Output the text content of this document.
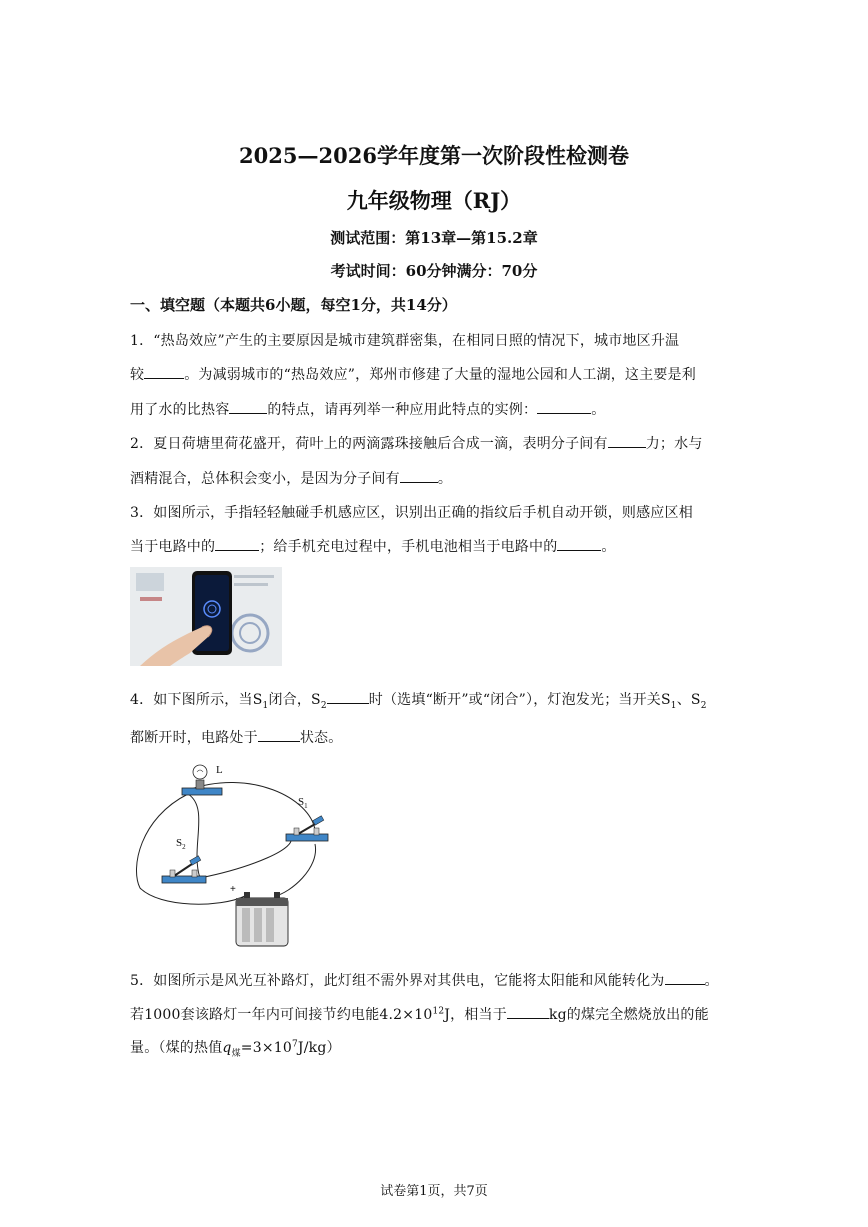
2025—2026学年度第一次阶段性检测卷
九年级物理（RJ）
测试范围：第13章—第15.2章
考试时间：60分钟满分：70分
一、填空题（本题共6小题，每空1分，共14分）
1．“热岛效应”产生的主要原因是城市建筑群密集，在相同日照的情况下，城市地区升温
较	。为减弱城市的“热岛效应”，郑州市修建了大量的湿地公园和人工湖，这主要是利
用了水的比热容	的特点，请再列举一种应用此特点的实例：	。
2．夏日荷塘里荷花盛开，荷叶上的两滴露珠接触后合成一滴，表明分子间有	力；水与
酒精混合，总体积会变小，是因为分子间有	。
3．如图所示，手指轻轻触碰手机感应区，识别出正确的指纹后手机自动开锁，则感应区相
当于电路中的	；给手机充电过程中，手机电池相当于电路中的	。
4．如下图所示，当$S_1$闭合，$S_2$	时（选填“断开”或“闭合”），灯泡发光；当开关$S_1$、$S_2$
都断开时，电路处于	状态。
L
$S_1$
$S_2$
+
5．如图所示是风光互补路灯，此灯组不需外界对其供电，它能将太阳能和风能转化为	。
若1000套该路灯一年内可间接节约电能$4.2\times 10^{12}J$，相当于	kg的煤完全燃烧放出的能
量。（煤的热值$q_煤=3\times 10^7J/kg$）
试卷第1页，共7页
